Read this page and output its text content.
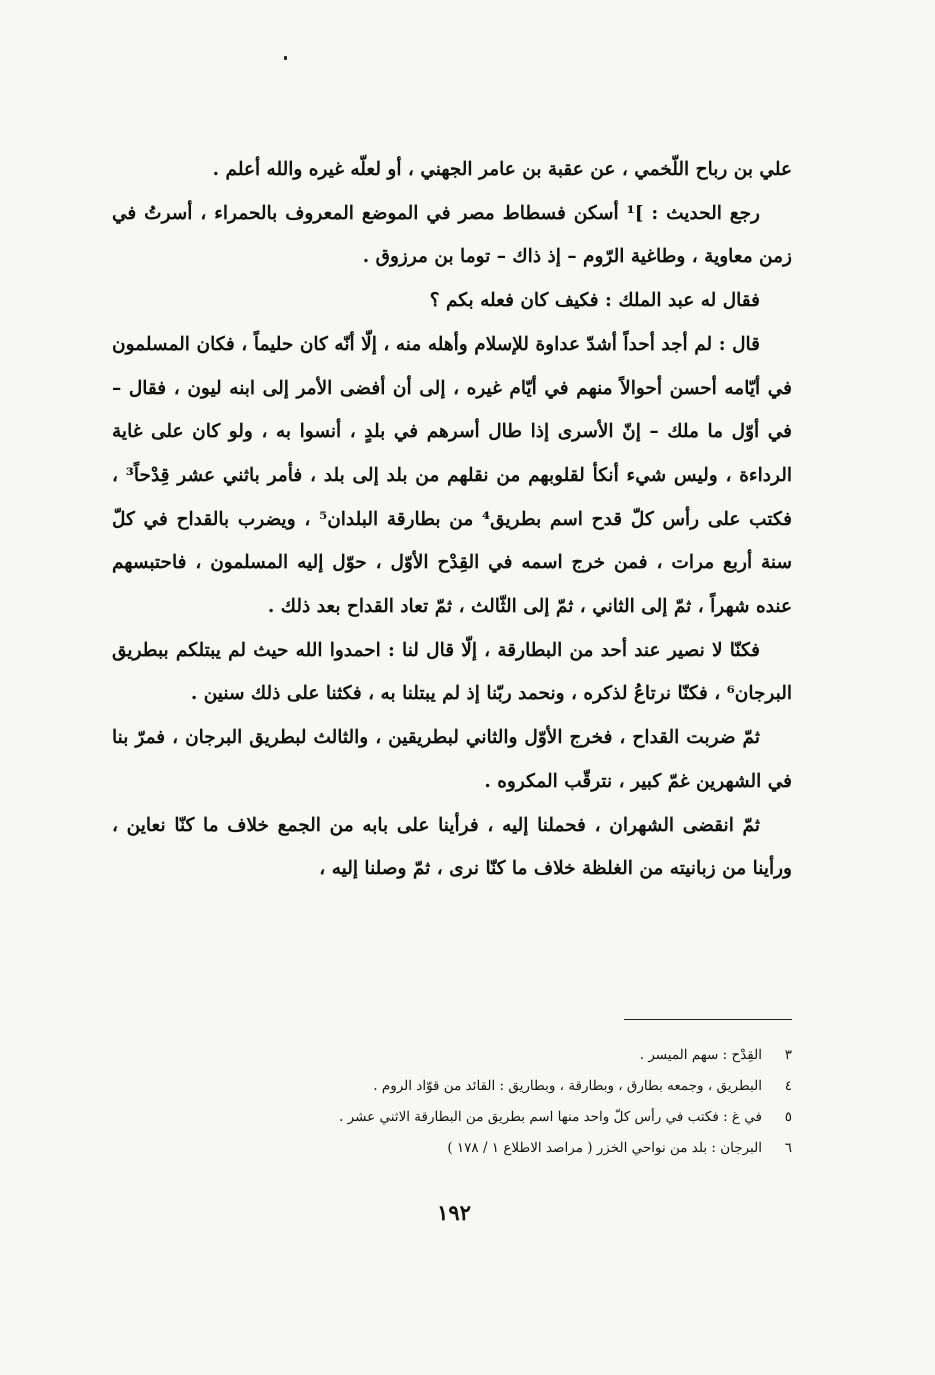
علي بن رباح اللّخمي ، عن عقبة بن عامر الجهني ، أو لعلّه غيره والله أعلم .

رجع الحديث : ]¹ أسكن فسطاط مصر في الموضع المعروف بالحمراء ، أسرتُ في زمن معاوية ، وطاغية الرّوم – إذ ذاك – توما بن مرزوق .

فقال له عبد الملك : فكيف كان فعله بكم ؟

قال : لم أجد أحداً أشدّ عداوة للإسلام وأهله منه ، إلّا أنّه كان حليماً ، فكان المسلمون في أيّامه أحسن أحوالاً منهم في أيّام غيره ، إلى أن أفضى الأمر إلى ابنه ليون ، فقال – في أوّل ما ملك – إنّ الأسرى إذا طال أسرهم في بلدٍ ، أنسوا به ، ولو كان على غاية الرداءة ، وليس شيء أنكأ لقلوبهم من نقلهم من بلد إلى بلد ، فأمر باثني عشر قِدْحاً³ ، فكتب على رأس كلّ قدح اسم بطريق⁴ من بطارقة البلدان⁵ ، ويضرب بالقداح في كلّ سنة أربع مرات ، فمن خرج اسمه في القِدْح الأوّل ، حوّل إليه المسلمون ، فاحتبسهم عنده شهراً ، ثمّ إلى الثاني ، ثمّ إلى الثّالث ، ثمّ تعاد القداح بعد ذلك .

فكنّا لا نصير عند أحد من البطارقة ، إلّا قال لنا : احمدوا الله حيث لم يبتلكم ببطريق البرجان⁶ ، فكنّا نرتاعُ لذكره ، ونحمد ربّنا إذ لم يبتلنا به ، فكثنا على ذلك سنين .

ثمّ ضربت القداح ، فخرج الأوّل والثاني لبطريقين ، والثالث لبطريق البرجان ، فمرّ بنا في الشهرين غمّ كبير ، نترقّب المكروه .

ثمّ انقضى الشهران ، فحملنا إليه ، فرأينا على بابه من الجمع خلاف ما كنّا نعاين ، ورأينا من زبانيته من الغلظة خلاف ما كنّا نرى ، ثمّ وصلنا إليه ،

٣القِدْح : سهم الميسر .
٤البطريق ، وجمعه بطارق ، وبطارقة ، وبطاريق : القائد من قوّاد الروم .
٥في غ : فكتب في رأس كلّ واحد منها اسم بطريق من البطارقة الاثني عشر .
٦البرجان : بلد من نواحي الخزر ( مراصد الاطلاع ١ / ١٧٨ )
١٩٢
